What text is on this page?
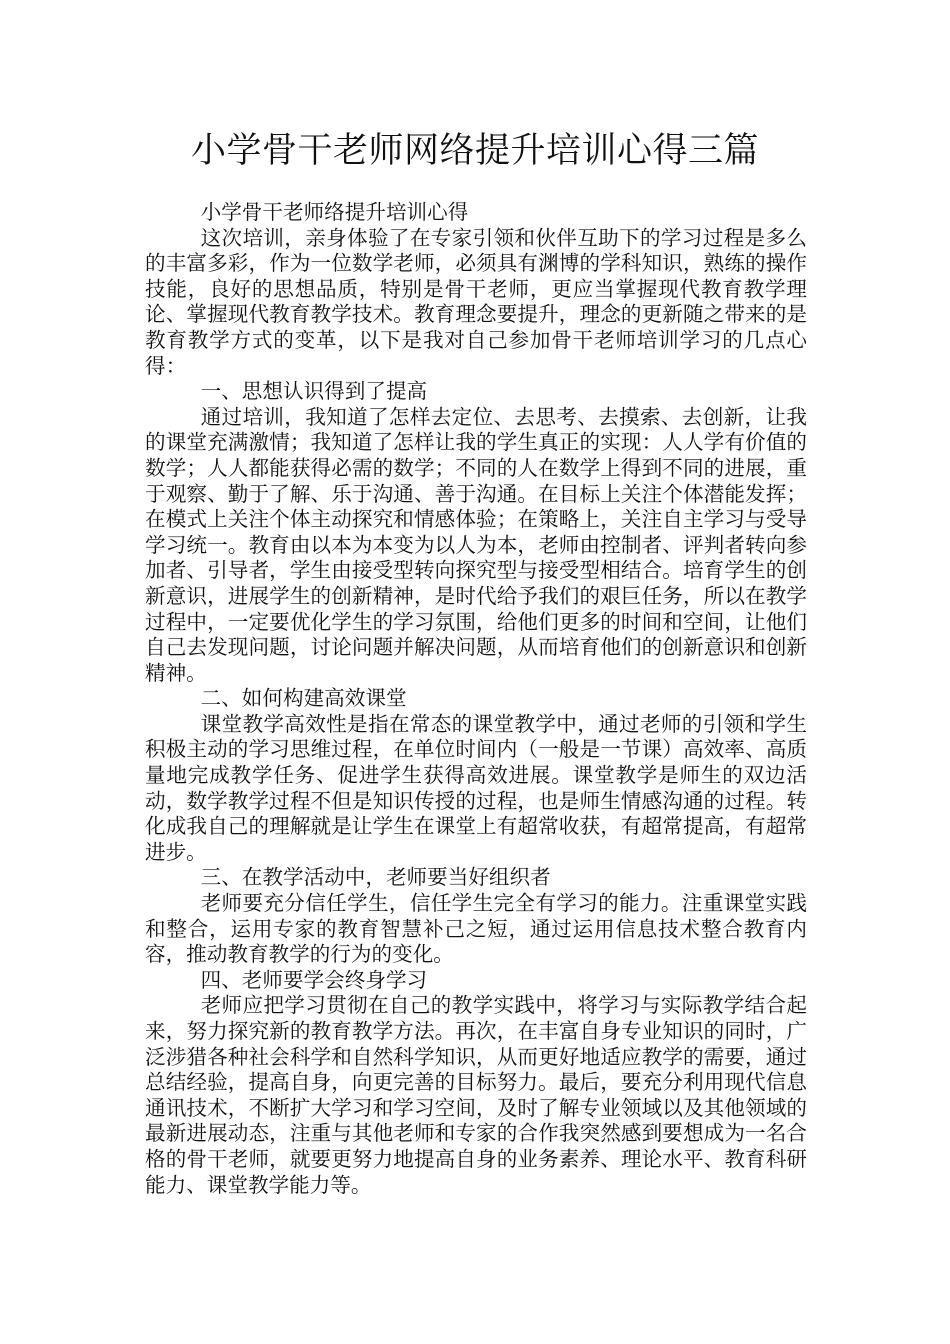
小学骨干老师网络提升培训心得三篇

小学骨干老师络提升培训心得

这次培训，亲身体验了在专家引领和伙伴互助下的学习过程是多么的丰富多彩，作为一位数学老师，必须具有渊博的学科知识，熟练的操作技能，良好的思想品质，特别是骨干老师，更应当掌握现代教育教学理论、掌握现代教育教学技术。教育理念要提升，理念的更新随之带来的是教育教学方式的变革，以下是我对自己参加骨干老师培训学习的几点心得：

一、思想认识得到了提高

通过培训，我知道了怎样去定位、去思考、去摸索、去创新，让我的课堂充满激情；我知道了怎样让我的学生真正的实现：人人学有价值的数学；人人都能获得必需的数学；不同的人在数学上得到不同的进展，重于观察、勤于了解、乐于沟通、善于沟通。在目标上关注个体潜能发挥；在模式上关注个体主动探究和情感体验；在策略上，关注自主学习与受导学习统一。教育由以本为本变为以人为本，老师由控制者、评判者转向参加者、引导者，学生由接受型转向探究型与接受型相结合。培育学生的创新意识，进展学生的创新精神，是时代给予我们的艰巨任务，所以在教学过程中，一定要优化学生的学习氛围，给他们更多的时间和空间，让他们自己去发现问题，讨论问题并解决问题，从而培育他们的创新意识和创新精神。

二、如何构建高效课堂

课堂教学高效性是指在常态的课堂教学中，通过老师的引领和学生积极主动的学习思维过程，在单位时间内（一般是一节课）高效率、高质量地完成教学任务、促进学生获得高效进展。课堂教学是师生的双边活动，数学教学过程不但是知识传授的过程，也是师生情感沟通的过程。转化成我自己的理解就是让学生在课堂上有超常收获，有超常提高，有超常进步。

三、在教学活动中，老师要当好组织者

老师要充分信任学生，信任学生完全有学习的能力。注重课堂实践和整合，运用专家的教育智慧补己之短，通过运用信息技术整合教育内容，推动教育教学的行为的变化。

四、老师要学会终身学习

老师应把学习贯彻在自己的教学实践中，将学习与实际教学结合起来，努力探究新的教育教学方法。再次，在丰富自身专业知识的同时，广泛涉猎各种社会科学和自然科学知识，从而更好地适应教学的需要，通过总结经验，提高自身，向更完善的目标努力。最后，要充分利用现代信息通讯技术，不断扩大学习和学习空间，及时了解专业领域以及其他领域的最新进展动态，注重与其他老师和专家的合作我突然感到要想成为一名合格的骨干老师，就要更努力地提高自身的业务素养、理论水平、教育科研能力、课堂教学能力等。
